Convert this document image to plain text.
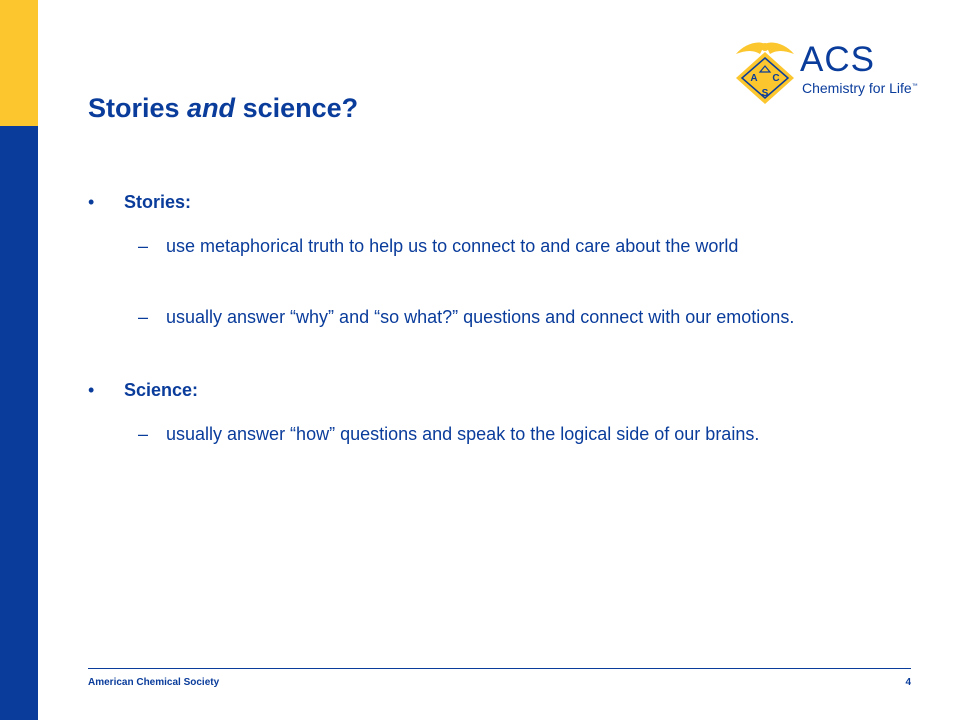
A C
S
ACS
Chemistry for Life™
Stories and science?
• Stories:
– use metaphorical truth to help us to connect to and care about the world
– usually answer “why” and “so what?” questions and connect with our emotions.
• Science:
– usually answer “how” questions and speak to the logical side of our brains.
American Chemical Society	4
